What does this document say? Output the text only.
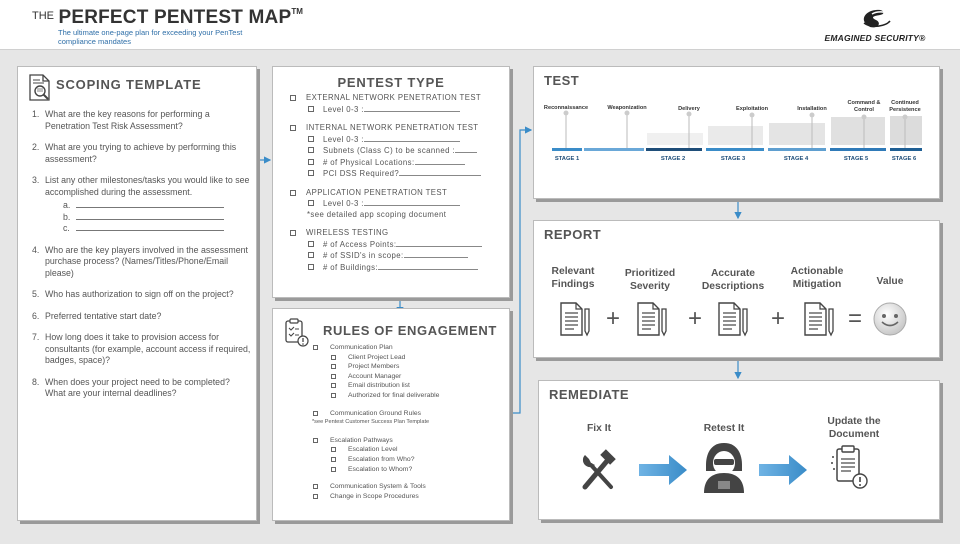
$^{THE}$ PERFECT PENTEST MAP™
The ultimate one-page plan for exceeding your PenTest compliance mandates	EMAGINED SECURITY®
SCOPING TEMPLATE
1. What are the key reasons for performing a Penetration Test Risk Assessment?
2. What are you trying to achieve by performing this assessment?
3. List any other milestones/tasks you would like to see accomplished during the assessment.
a.
b.
c.
4. Who are the key players involved in the assessment purchase process? (Names/Titles/Phone/Email please)
5. Who has authorization to sign off on the project?
6. Preferred tentative start date?
7. How long does it take to provision access for consultants (for example, account access if required, badges, space)?
8. When does your project need to be completed? What are your internal deadlines?
PENTEST TYPE
EXTERNAL NETWORK PENETRATION TEST
Level 0-3 :
INTERNAL NETWORK PENETRATION TEST
Level 0-3 :
Subnets (Class C) to be scanned :
# of Physical Locations:
PCI DSS Required?
APPLICATION PENETRATION TEST
Level 0-3 :
*see detailed app scoping document
WIRELESS TESTING
# of Access Points:
# of SSID's in scope:
# of Buildings:
RULES OF ENGAGEMENT
Communication Plan
Client Project Lead
Project Members
Account Manager
Email distribution list
Authorized for final deliverable
Communication Ground Rules
*see Pentest Customer Success Plan Template
Escalation Pathways
Escalation Level
Escalation from Who?
Escalation to Whom?
Communication System & Tools
Change in Scope Procedures
TEST
Reconnaissance	Weaponization	Delivery	Exploitation	Installation
Command &
Control
Continued
Persistence
STAGE 1	STAGE 2	STAGE 3	STAGE 4	STAGE 5	STAGE 6
REPORT
Relevant
Findings
Prioritized
Severity
Accurate
Descriptions
Actionable
Mitigation	Value
+	+	+	=
REMEDIATE
Fix It	Retest It
Update the
Document
